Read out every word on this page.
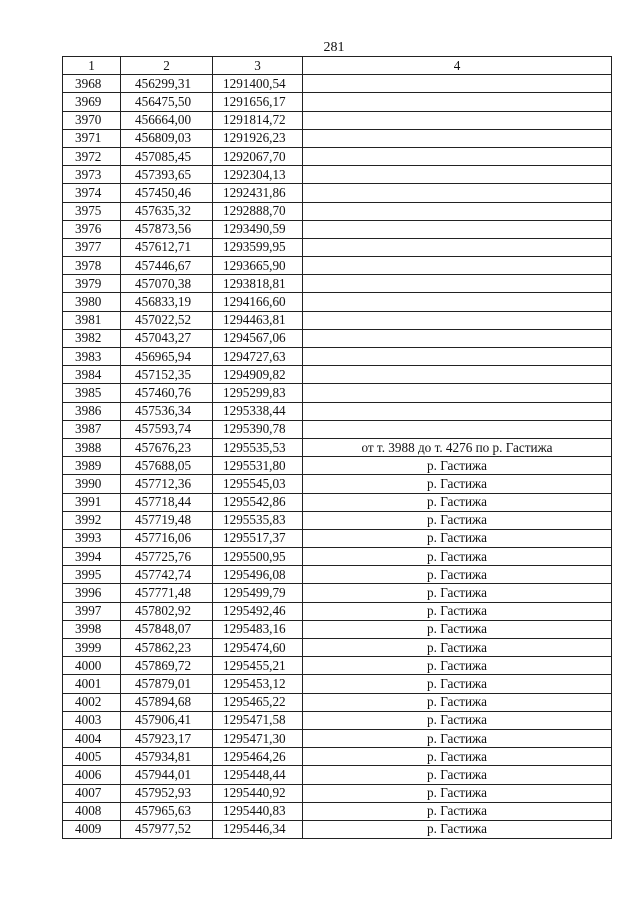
281
1	2	3	4
3968	456299,31	1291400,54	
3969	456475,50	1291656,17	
3970	456664,00	1291814,72	
3971	456809,03	1291926,23	
3972	457085,45	1292067,70	
3973	457393,65	1292304,13	
3974	457450,46	1292431,86	
3975	457635,32	1292888,70	
3976	457873,56	1293490,59	
3977	457612,71	1293599,95	
3978	457446,67	1293665,90	
3979	457070,38	1293818,81	
3980	456833,19	1294166,60	
3981	457022,52	1294463,81	
3982	457043,27	1294567,06	
3983	456965,94	1294727,63	
3984	457152,35	1294909,82	
3985	457460,76	1295299,83	
3986	457536,34	1295338,44	
3987	457593,74	1295390,78	
3988	457676,23	1295535,53	от т. 3988 до т. 4276 по р. Гастижа
3989	457688,05	1295531,80	р. Гастижа
3990	457712,36	1295545,03	р. Гастижа
3991	457718,44	1295542,86	р. Гастижа
3992	457719,48	1295535,83	р. Гастижа
3993	457716,06	1295517,37	р. Гастижа
3994	457725,76	1295500,95	р. Гастижа
3995	457742,74	1295496,08	р. Гастижа
3996	457771,48	1295499,79	р. Гастижа
3997	457802,92	1295492,46	р. Гастижа
3998	457848,07	1295483,16	р. Гастижа
3999	457862,23	1295474,60	р. Гастижа
4000	457869,72	1295455,21	р. Гастижа
4001	457879,01	1295453,12	р. Гастижа
4002	457894,68	1295465,22	р. Гастижа
4003	457906,41	1295471,58	р. Гастижа
4004	457923,17	1295471,30	р. Гастижа
4005	457934,81	1295464,26	р. Гастижа
4006	457944,01	1295448,44	р. Гастижа
4007	457952,93	1295440,92	р. Гастижа
4008	457965,63	1295440,83	р. Гастижа
4009	457977,52	1295446,34	р. Гастижа
